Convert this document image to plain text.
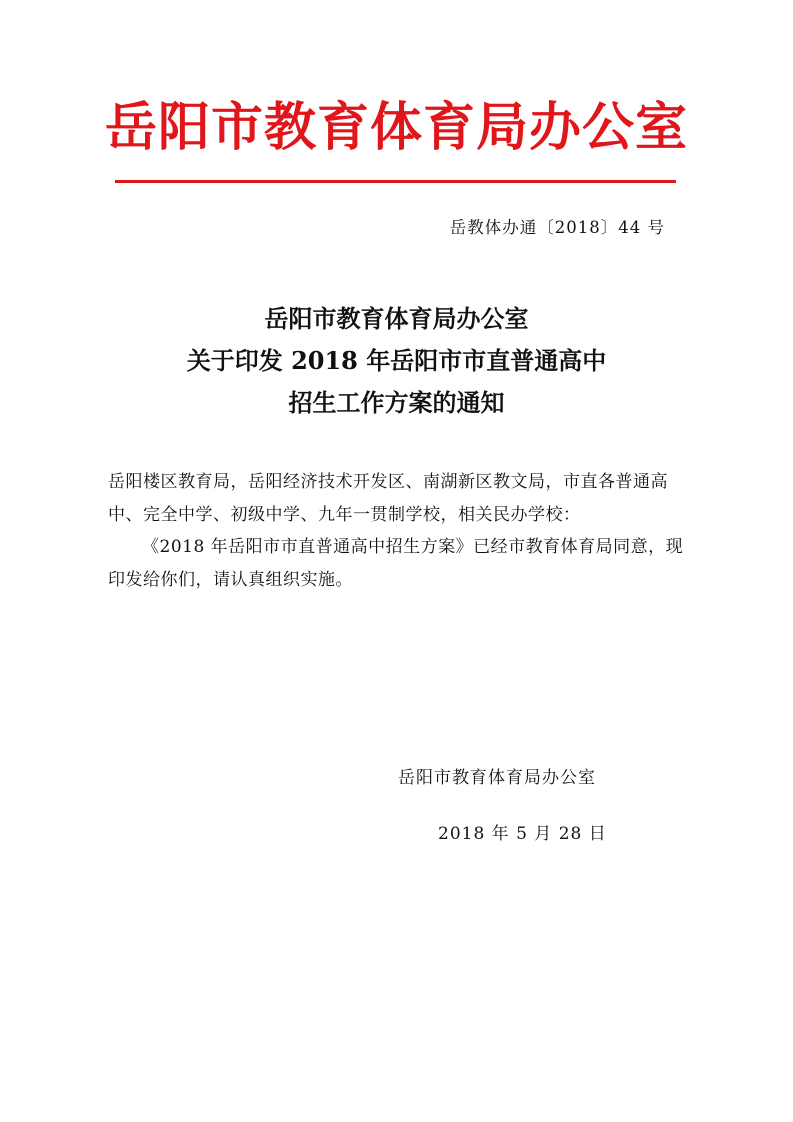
岳阳市教育体育局办公室
岳教体办通〔2018〕44 号
岳阳市教育体育局办公室
关于印发 2018 年岳阳市市直普通高中
招生工作方案的通知

岳阳楼区教育局，岳阳经济技术开发区、南湖新区教文局，市直各普通高中、完全中学、初级中学、九年一贯制学校，相关民办学校：

《2018 年岳阳市市直普通高中招生方案》已经市教育体育局同意，现印发给你们，请认真组织实施。

岳阳市教育体育局办公室
2018 年 5 月 28 日
